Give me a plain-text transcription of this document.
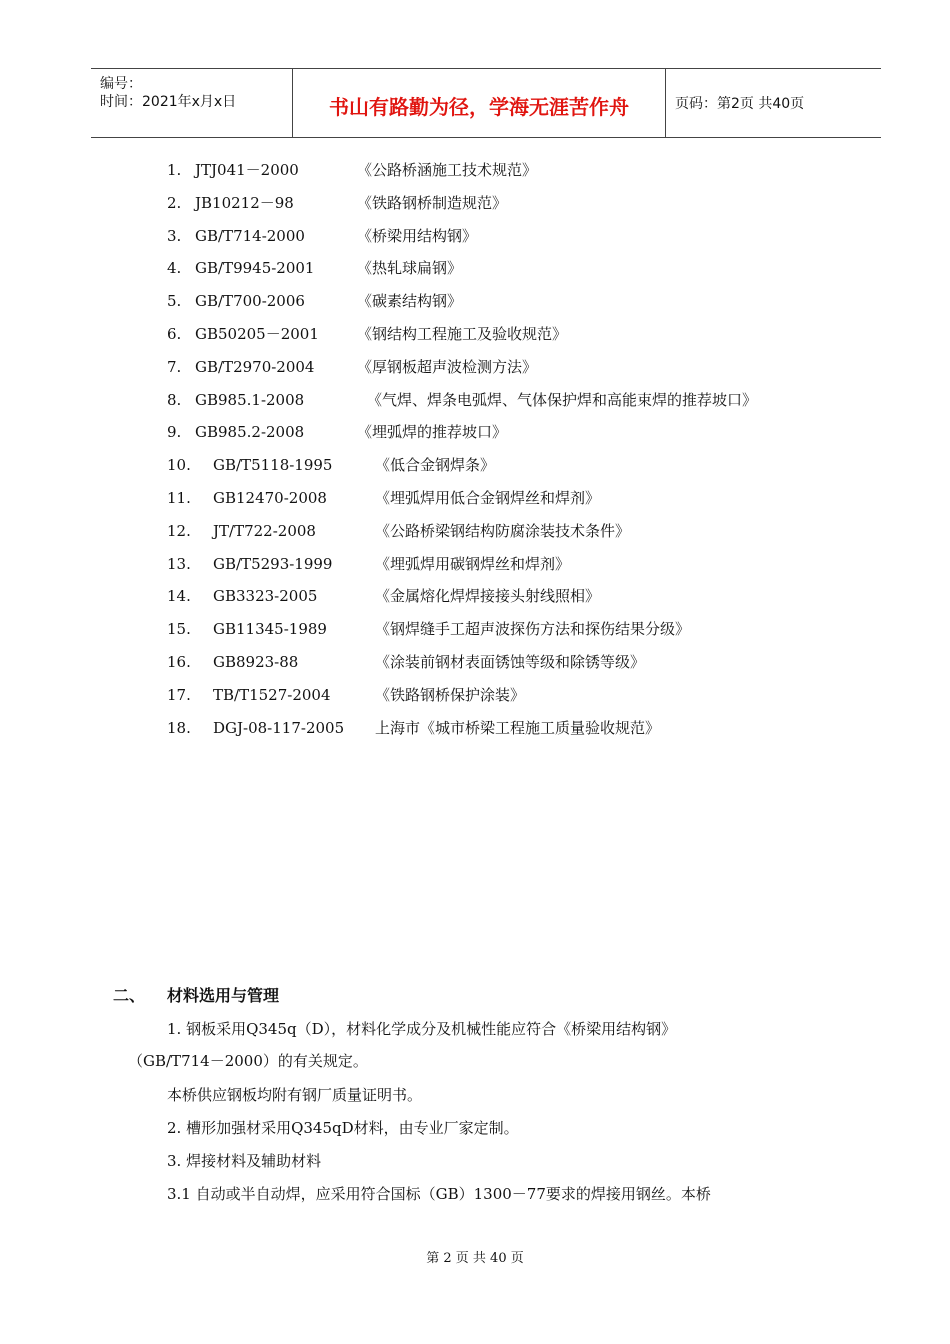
编号：
时间：2021年x月x日	书山有路勤为径，学海无涯苦作舟	页码：第2页 共40页
1. JTJ041－2000	《公路桥涵施工技术规范》
2. JB10212－98	《铁路钢桥制造规范》
3. GB/T714-2000	《桥梁用结构钢》
4. GB/T9945-2001	《热轧球扁钢》
5. GB/T700-2006	《碳素结构钢》
6. GB50205－2001	《钢结构工程施工及验收规范》
7. GB/T2970-2004	《厚钢板超声波检测方法》
8. GB985.1-2008	《气焊、焊条电弧焊、气体保护焊和高能束焊的推荐坡口》
9. GB985.2-2008	《埋弧焊的推荐坡口》
10. GB/T5118-1995	《低合金钢焊条》
11. GB12470-2008	《埋弧焊用低合金钢焊丝和焊剂》
12. JT/T722-2008	《公路桥梁钢结构防腐涂装技术条件》
13. GB/T5293-1999	《埋弧焊用碳钢焊丝和焊剂》
14. GB3323-2005	《金属熔化焊焊接接头射线照相》
15. GB11345-1989	《钢焊缝手工超声波探伤方法和探伤结果分级》
16. GB8923-88	《涂装前钢材表面锈蚀等级和除锈等级》
17. TB/T1527-2004	《铁路钢桥保护涂装》
18. DGJ-08-117-2005 上海市《城市桥梁工程施工质量验收规范》
二、 材料选用与管理
1. 钢板采用Q345q（D），材料化学成分及机械性能应符合《桥梁用结构钢》
（GB/T714－2000）的有关规定。
本桥供应钢板均附有钢厂质量证明书。
2. 槽形加强材采用Q345qD材料，由专业厂家定制。
3. 焊接材料及辅助材料
3.1 自动或半自动焊，应采用符合国标（GB）1300－77要求的焊接用钢丝。本桥
第 2 页 共 40 页
